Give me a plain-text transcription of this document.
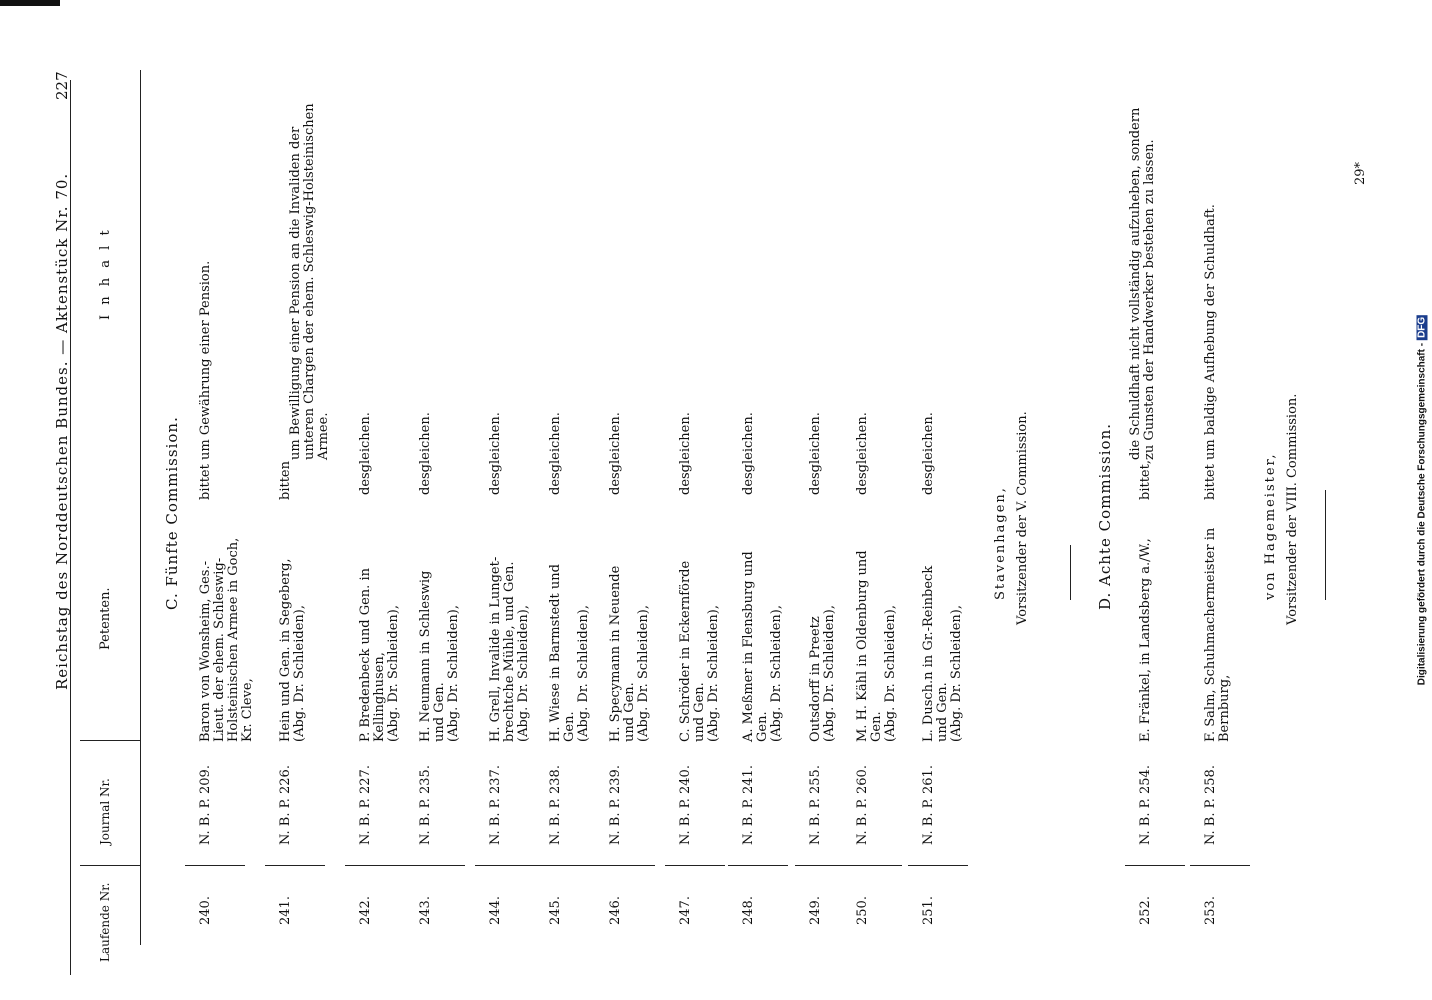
Digitalisierung gefördert durch die Deutsche Forschungsgemeinschaft -DFG
Reichstag des Norddeutschen Bundes. — Aktenstück Nr. 70.
227
Laufende Nr.
Journal Nr.
Petenten.
I n h a l t
C. Fünfte Commission.
240.
N. B. P. 209.
Baron von Wonsheim, Ges.- Lieut. der ehem. Schleswig- Holsteinischen Armee in Goch, Kr. Cleve,
bittet
um Gewährung einer Pension.
241.
N. B. P. 226.
Hein und Gen. in Segeberg, (Abg. Dr. Schleiden),
bitten
um Bewilligung einer Pension an die Invaliden der unteren Chargen der ehem. Schleswig-Holsteinischen Armee.
242.
N. B. P. 227.
P. Bredenbeck und Gen. in Kellinghusen, (Abg. Dr. Schleiden),
desgleichen.
243.
N. B. P. 235.
H. Neumann in Schleswig und Gen. (Abg. Dr. Schleiden),
desgleichen.
244.
N. B. P. 237.
H. Grell, Invalide in Lunget- brechtche Mühle, und Gen. (Abg. Dr. Schleiden),
desgleichen.
245.
N. B. P. 238.
H. Wiese in Barmstedt und Gen. (Abg. Dr. Schleiden),
desgleichen.
246.
N. B. P. 239.
H. Specymann in Neuende und Gen. (Abg. Dr. Schleiden),
desgleichen.
247.
N. B. P. 240.
C. Schröder in Eckernförde und Gen. (Abg. Dr. Schleiden),
desgleichen.
248.
N. B. P. 241.
A. Meßmer in Flensburg und Gen. (Abg. Dr. Schleiden),
desgleichen.
249.
N. B. P. 255.
Outsdorff in Preetz (Abg. Dr. Schleiden),
desgleichen.
250.
N. B. P. 260.
M. H. Kähl in Oldenburg und Gen. (Abg. Dr. Schleiden),
desgleichen.
251.
N. B. P. 261.
L. Dusch.n in Gr.-Reinbeck und Gen. (Abg. Dr. Schleiden),
desgleichen.
Stavenhagen, Vorsitzender der V. Commission.	D. Achte Commission.
252.
N. B. P. 254.
E. Fränkel, in Landsberg a./W.,
bittet,
die Schuldhaft nicht vollständig aufzuheben, sondern zu Gunsten der Handwerker bestehen zu lassen.
253.
N. B. P. 258.
F. Salm, Schuhmachermeister in Bernburg,
bittet
um baldige Aufhebung der Schuldhaft.
von Hagemeister, Vorsitzender der VIII. Commission.
29*
